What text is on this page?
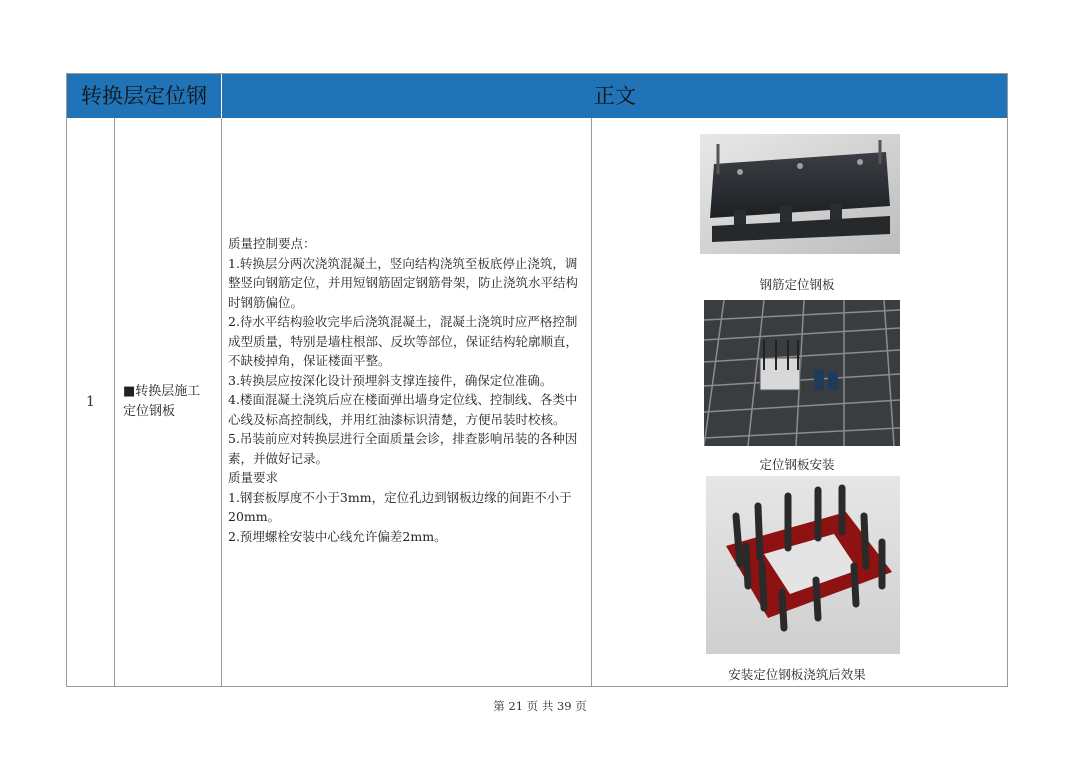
转换层定位钢	正文
1
■转换层施工定位钢板

质量控制要点：

1.转换层分两次浇筑混凝土，竖向结构浇筑至板底停止浇筑，调整竖向钢筋定位，并用短钢筋固定钢筋骨架，防止浇筑水平结构时钢筋偏位。

2.待水平结构验收完毕后浇筑混凝土，混凝土浇筑时应严格控制成型质量，特别是墙柱根部、反坎等部位，保证结构轮廓顺直，不缺棱掉角，保证楼面平整。

3.转换层应按深化设计预埋斜支撑连接件，确保定位准确。

4.楼面混凝土浇筑后应在楼面弹出墙身定位线、控制线、各类中心线及标高控制线，并用红油漆标识清楚，方便吊装时校核。

5.吊装前应对转换层进行全面质量会诊，排查影响吊装的各种因素，并做好记录。

质量要求

1.钢套板厚度不小于3mm，定位孔边到钢板边缘的间距不小于20mm。

2.预埋螺栓安装中心线允许偏差2mm。

钢筋定位钢板
定位钢板安装
安装定位钢板浇筑后效果
第 21 页 共 39 页
